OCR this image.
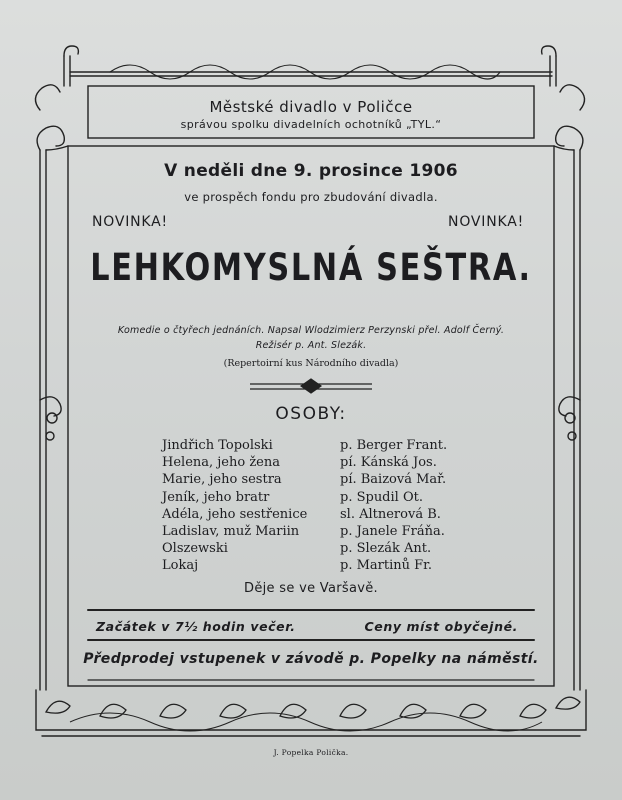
Městské divadlo v Poličce
správou spolku divadelních ochotníků „TYL.“
V neděli dne 9. prosince 1906
ve prospěch fondu pro zbudování divadla.
NOVINKA!	NOVINKA!
LEHKOMYSLNÁ SEŠTRA.
Komedie o čtyřech jednáních. Napsal Wlodzimierz Perzynski přel. Adolf Černý.
Režisér p. Ant. Slezák.
(Repertoirní kus Národního divadla)
OSOBY:
Jindřich Topolski	p. Berger Frant.
Helena, jeho žena	pí. Kánská Jos.
Marie, jeho sestra	pí. Baizová Mař.
Jeník, jeho bratr	p. Spudil Ot.
Adéla, jeho sestřenice	sl. Altnerová B.
Ladislav, muž Mariin	p. Janele Fráňa.
Olszewski	p. Slezák Ant.
Lokaj	p. Martinů Fr.
Děje se ve Varšavě.
Začátek v 7½ hodin večer.	Ceny míst obyčejné.
Předprodej vstupenek v závodě p. Popelky na náměstí.
J. Popelka Polička.
